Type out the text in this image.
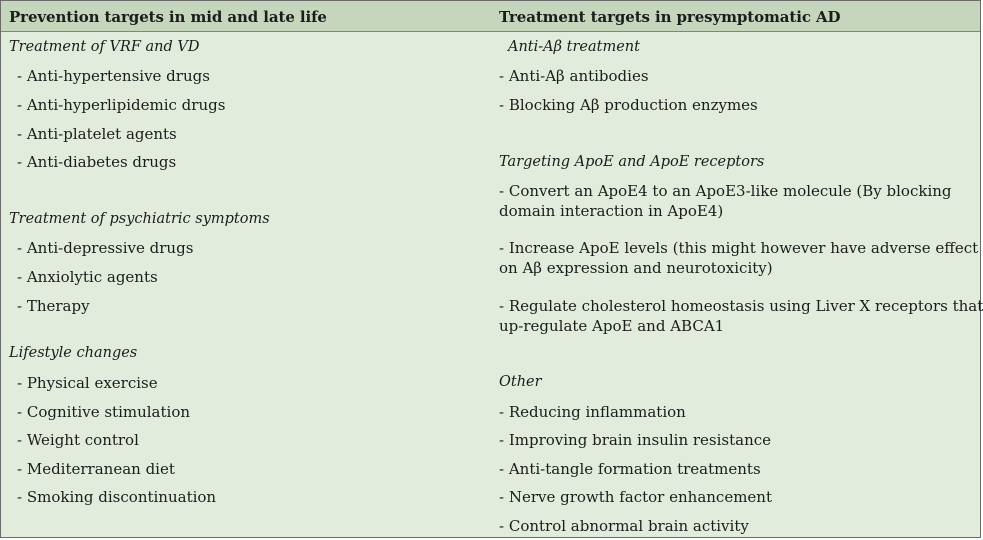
Prevention targets in mid and late life	Treatment targets in presymptomatic AD
Treatment of VRF and VD
- Anti-hypertensive drugs
- Anti-hyperlipidemic drugs
- Anti-platelet agents
- Anti-diabetes drugs
Treatment of psychiatric symptoms
- Anti-depressive drugs
- Anxiolytic agents
- Therapy
Lifestyle changes
- Physical exercise
- Cognitive stimulation
- Weight control
- Mediterranean diet
- Smoking discontinuation
Anti-Aβ treatment
- Anti-Aβ antibodies
- Blocking Aβ production enzymes
Targeting ApoE and ApoE receptors
- Convert an ApoE4 to an ApoE3-like molecule (By blocking
domain interaction in ApoE4)
- Increase ApoE levels (this might however have adverse effect
on Aβ expression and neurotoxicity)
- Regulate cholesterol homeostasis using Liver X receptors that
up-regulate ApoE and ABCA1
Other
- Reducing inflammation
- Improving brain insulin resistance
- Anti-tangle formation treatments
- Nerve growth factor enhancement
- Control abnormal brain activity
